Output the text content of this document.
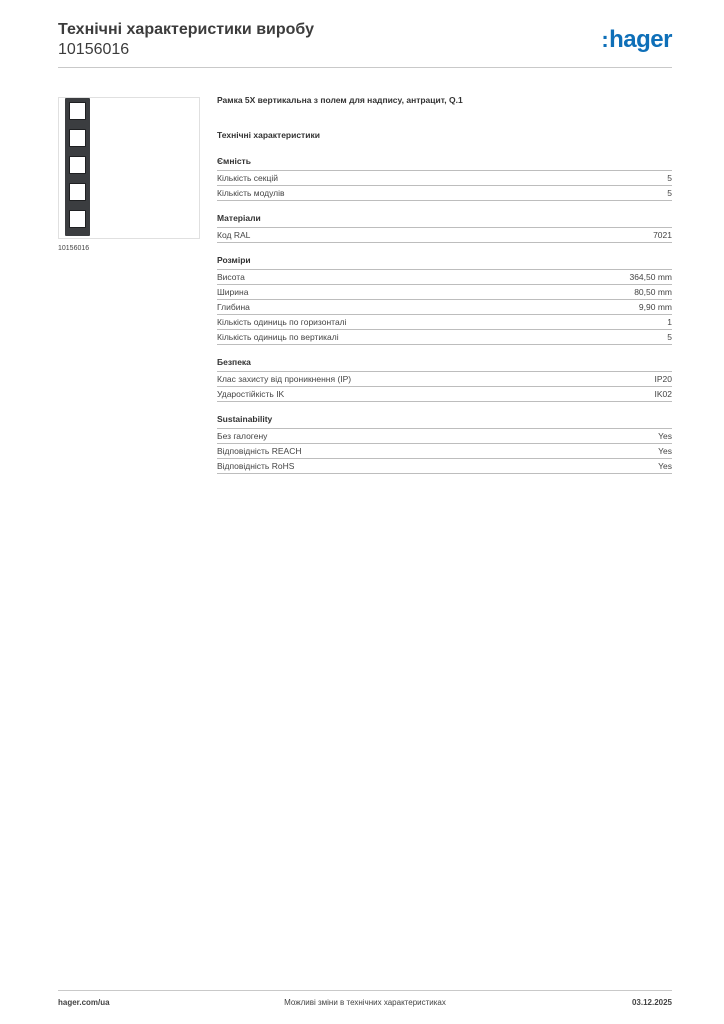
Технічні характеристики виробу
10156016	:hager
10156016
Рамка 5Х вертикальна з полем для надпису, антрацит, Q.1
Технічні характеристики
Ємність
Кількість секцій	5
Кількість модулів	5
Матеріали
Код RAL	7021
Розміри
Висота	364,50 mm
Ширина	80,50 mm
Глибина	9,90 mm
Кількість одиниць по горизонталі	1
Кількість одиниць по вертикалі	5
Безпека
Клас захисту від проникнення (IP)	IP20
Ударостійкість IK	IK02
Sustainability
Без галогену	Yes
Відповідність REACH	Yes
Відповідність RoHS	Yes
Можливі зміни в технічних характеристиках
hager.com/ua	03.12.2025
